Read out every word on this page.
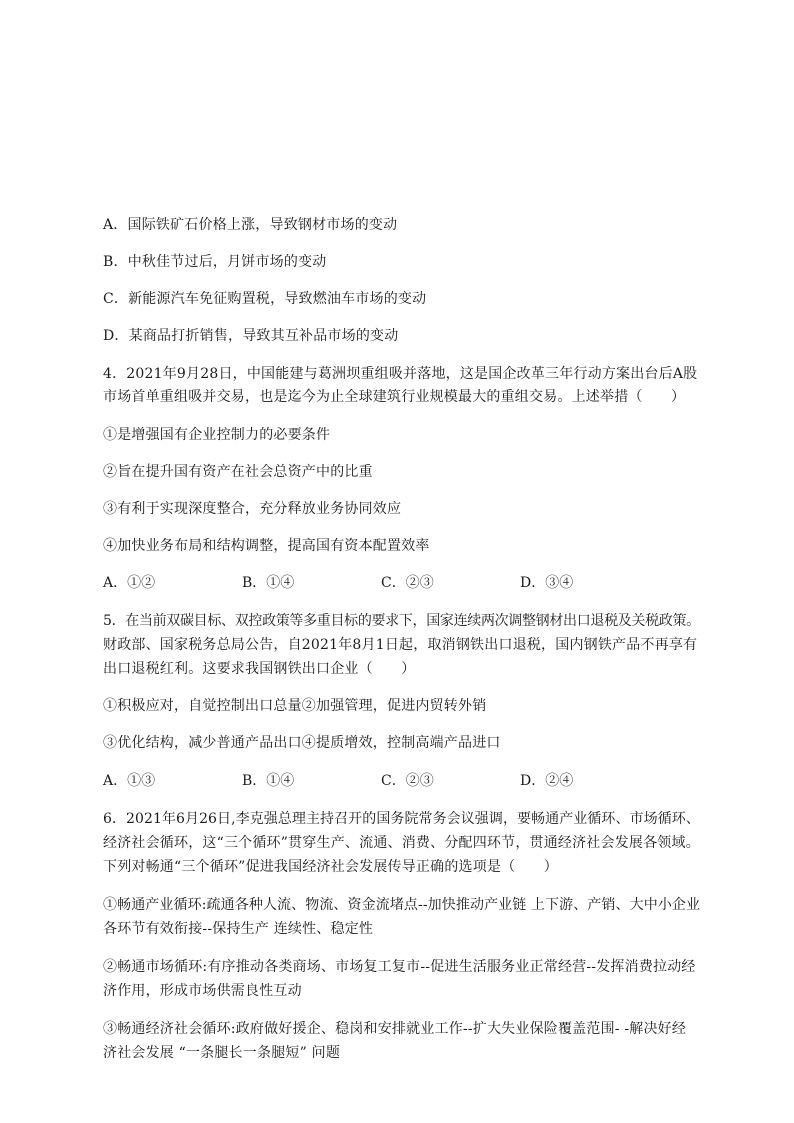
A．国际铁矿石价格上涨，导致钢材市场的变动
B．中秋佳节过后，月饼市场的变动
C．新能源汽车免征购置税，导致燃油车市场的变动
D．某商品打折销售，导致其互补品市场的变动
4．2021年9月28日，中国能建与葛洲坝重组吸并落地，这是国企改革三年行动方案出台后A股
市场首单重组吸并交易，也是迄今为止全球建筑行业规模最大的重组交易。上述举措（　　）
①是增强国有企业控制力的必要条件
②旨在提升国有资产在社会总资产中的比重
③有利于实现深度整合，充分释放业务协同效应
④加快业务布局和结构调整，提高国有资本配置效率
A．①②	B．①④	C．②③	D．③④
5．在当前双碳目标、双控政策等多重目标的要求下，国家连续两次调整钢材出口退税及关税政策。
财政部、国家税务总局公告，自2021年8月1日起，取消钢铁出口退税，国内钢铁产品不再享有
出口退税红利。这要求我国钢铁出口企业（　　）
①积极应对，自觉控制出口总量②加强管理，促进内贸转外销
③优化结构，减少普通产品出口④提质增效，控制高端产品进口
A．①③	B．①④	C．②③	D．②④
6．2021年6月26日,李克强总理主持召开的国务院常务会议强调，要畅通产业循环、市场循环、
经济社会循环，这“三个循环”贯穿生产、流通、消费、分配四环节，贯通经济社会发展各领域。
下列对畅通“三个循环”促进我国经济社会发展传导正确的选项是（　　）
①畅通产业循环:疏通各种人流、物流、资金流堵点--加快推动产业链 上下游、产销、大中小企业
各环节有效衔接--保持生产 连续性、稳定性
②畅通市场循环:有序推动各类商场、市场复工复市--促进生活服务业正常经营--发挥消费拉动经
济作用，形成市场供需良性互动
③畅通经济社会循环:政府做好援企、稳岗和安排就业工作--扩大失业保险覆盖范围- -解决好经
济社会发展 “一条腿长一条腿短” 问题
